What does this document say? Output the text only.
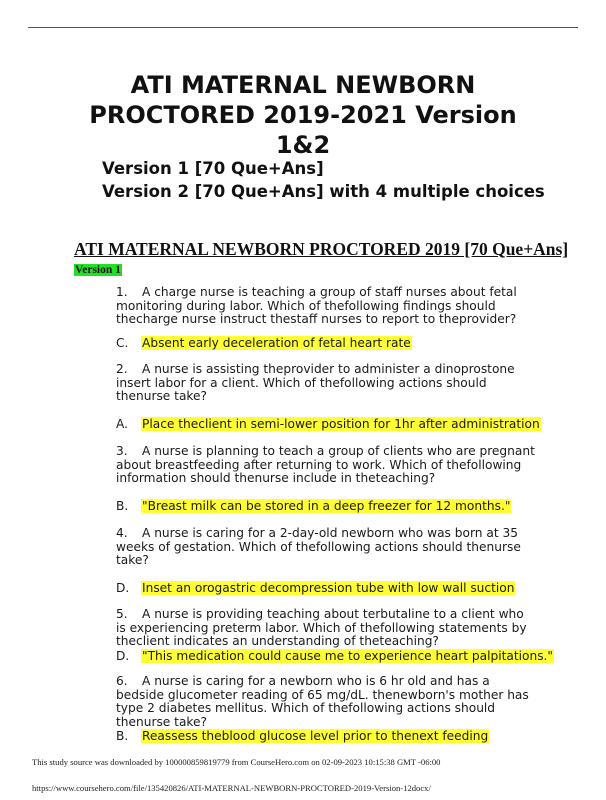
ATI MATERNAL NEWBORN PROCTORED 2019-2021 Version 1&2
Version 1 [70 Que+Ans]
Version 2 [70 Que+Ans] with 4 multiple choices
ATI MATERNAL NEWBORN PROCTORED 2019 [70 Que+Ans]
Version 1
1. A charge nurse is teaching a group of staff nurses about fetal monitoring during labor. Which of thefollowing findings should thecharge nurse instruct thestaff nurses to report to theprovider?
C. Absent early deceleration of fetal heart rate
2. A nurse is assisting theprovider to administer a dinoprostone insert labor for a client. Which of thefollowing actions should thenurse take?
A. Place theclient in semi-lower position for 1hr after administration
3. A nurse is planning to teach a group of clients who are pregnant about breastfeeding after returning to work. Which of thefollowing information should thenurse include in theteaching?
B. "Breast milk can be stored in a deep freezer for 12 months."
4. A nurse is caring for a 2-day-old newborn who was born at 35 weeks of gestation. Which of thefollowing actions should thenurse take?
D. Inset an orogastric decompression tube with low wall suction
5. A nurse is providing teaching about terbutaline to a client who is experiencing preterm labor. Which of thefollowing statements by theclient indicates an understanding of theteaching?
D. "This medication could cause me to experience heart palpitations."
6. A nurse is caring for a newborn who is 6 hr old and has a bedside glucometer reading of 65 mg/dL. thenewborn's mother has type 2 diabetes mellitus. Which of thefollowing actions should thenurse take?
B. Reassess theblood glucose level prior to thenext feeding
This study source was downloaded by 100000859819779 from CourseHero.com on 02-09-2023 10:15:38 GMT -06:00
https://www.coursehero.com/file/135420826/ATI-MATERNAL-NEWBORN-PROCTORED-2019-Version-12docx/
